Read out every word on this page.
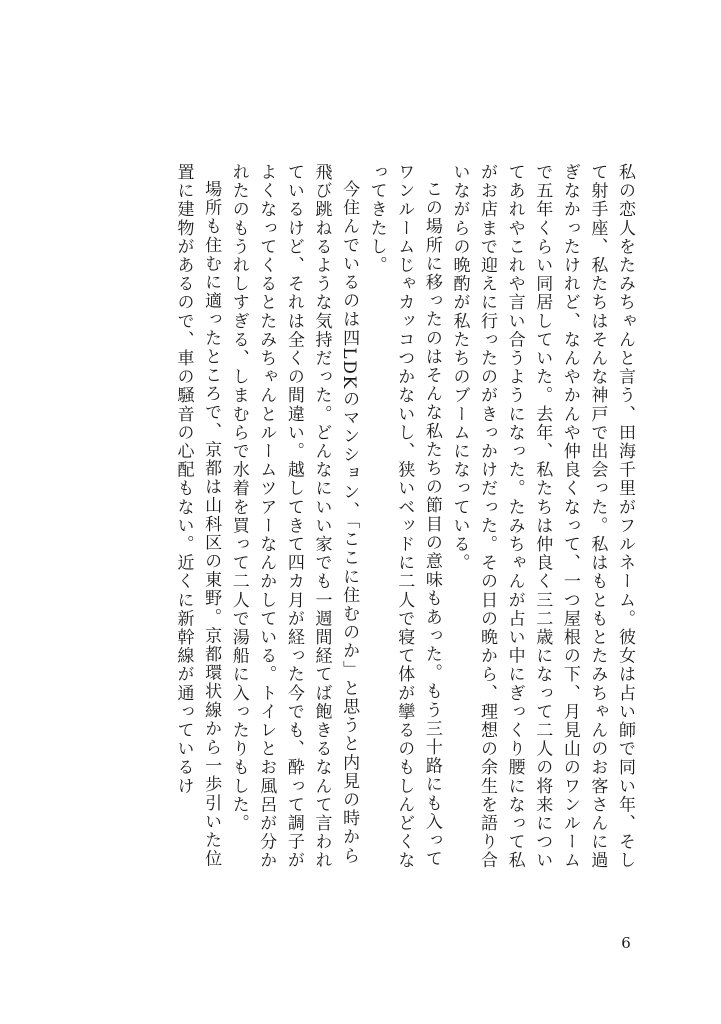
私の恋人をたみちゃんと言う、田海千里がフルネーム。彼女は占い師で同い年、そして射手座、私たちはそんな神戸で出会った。私はもともとたみちゃんのお客さんに過ぎなかったけれど、なんやかんや仲良くなって、一つ屋根の下、月見山のワンルームで五年くらい同居していた。去年、私たちは仲良く三二歳になって二人の将来についてあれやこれや言い合うようになった。たみちゃんが占い中にぎっくり腰になって私がお店まで迎えに行ったのがきっかけだった。その日の晩から、理想の余生を語り合いながらの晩酌が私たちのブームになっている。

この場所に移ったのはそんな私たちの節目の意味もあった。もう三十路にも入ってワンルームじゃカッコつかないし、狭いベッドに二人で寝て体が攣るのもしんどくなってきたし。

今住んでいるのは四LDKのマンション、「ここに住むのか」と思うと内見の時から飛び跳ねるような気持だった。どんなにいい家でも一週間経てば飽きるなんて言われているけど、それは全くの間違い。越してきて四カ月が経った今でも、酔って調子がよくなってくるとたみちゃんとルームツアーなんかしている。トイレとお風呂が分かれたのもうれしすぎる、しまむらで水着を買って二人で湯船に入ったりもした。

場所も住むに適ったところで、京都は山科区の東野。京都環状線から一歩引いた位置に建物があるので、車の騒音の心配もない。近くに新幹線が通っているけ

6
